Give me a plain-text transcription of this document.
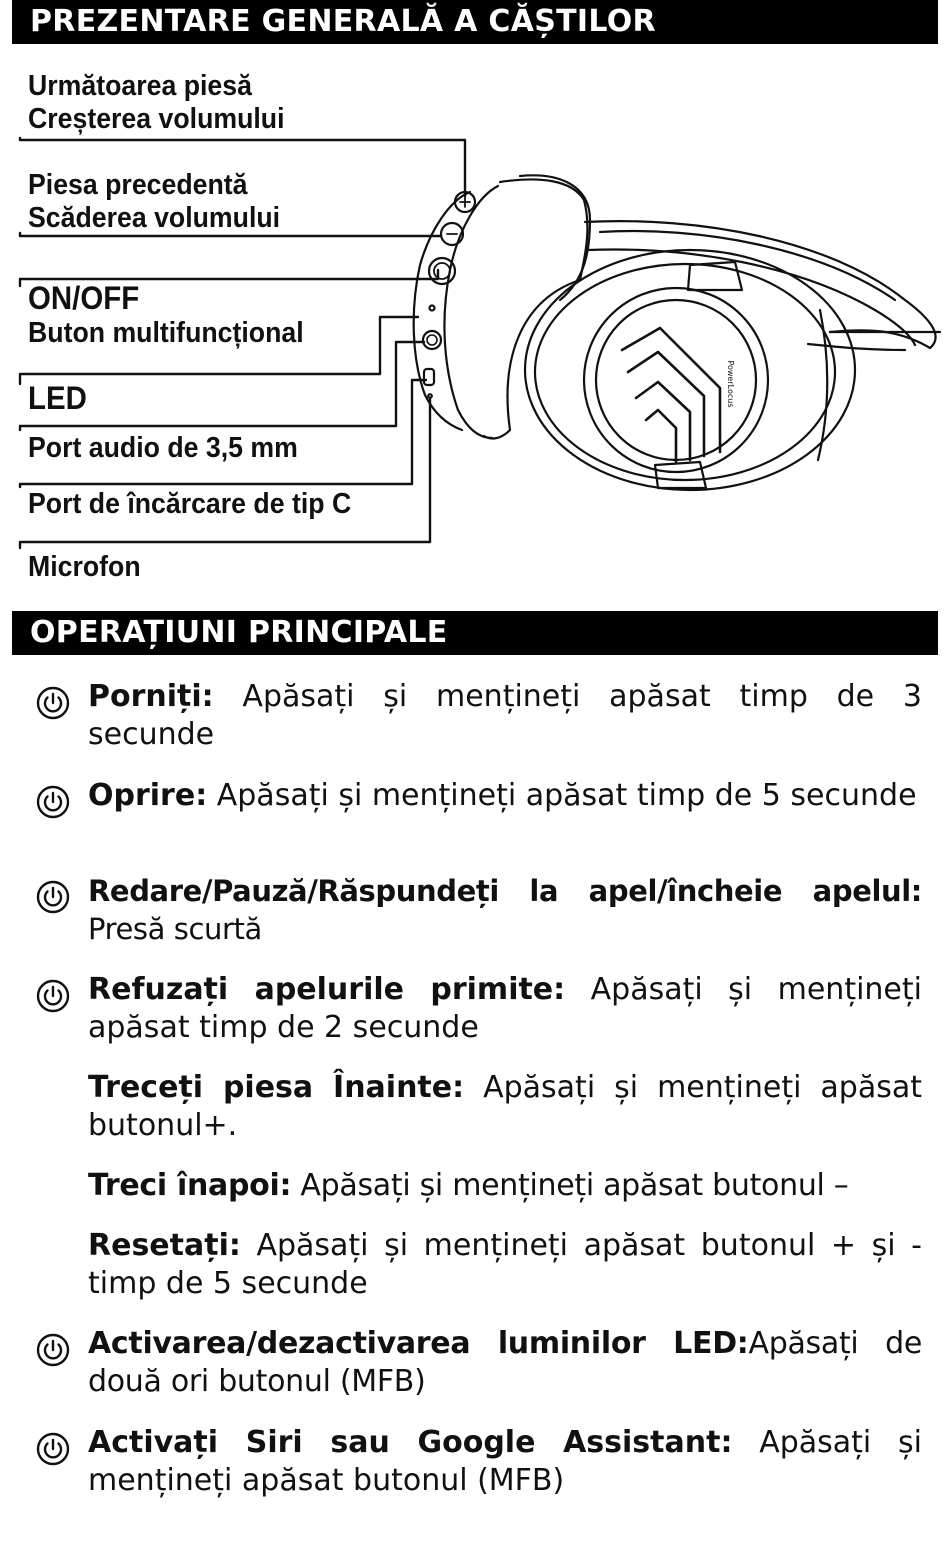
PREZENTARE GENERALĂ A CĂȘTILOR
PowerLocus
Următoarea piesă
Creșterea volumului
Piesa precedentă
Scăderea volumului
ON/OFF
Buton multifuncțional
LED
Port audio de 3,5 mm
Port de încărcare de tip C
Microfon
OPERAȚIUNI PRINCIPALE
Porniți: Apăsați și mențineți apăsat timp de 3 secunde
Oprire: Apăsați și mențineți apăsat timp de 5 secunde
Redare/Pauză/Răspundeți la apel/încheie apelul: Presă scurtă
Refuzați apelurile primite: Apăsați și mențineți apăsat timp de 2 secunde
Treceți piesa Înainte: Apăsați și mențineți apăsat butonul+.
Treci înapoi: Apăsați și mențineți apăsat butonul –
Resetați: Apăsați și mențineți apăsat butonul + și - timp de 5 secunde
Activarea/dezactivarea luminilor LED:Apăsați de două ori butonul (MFB)
Activați Siri sau Google Assistant: Apăsați și mențineți apăsat butonul (MFB)
